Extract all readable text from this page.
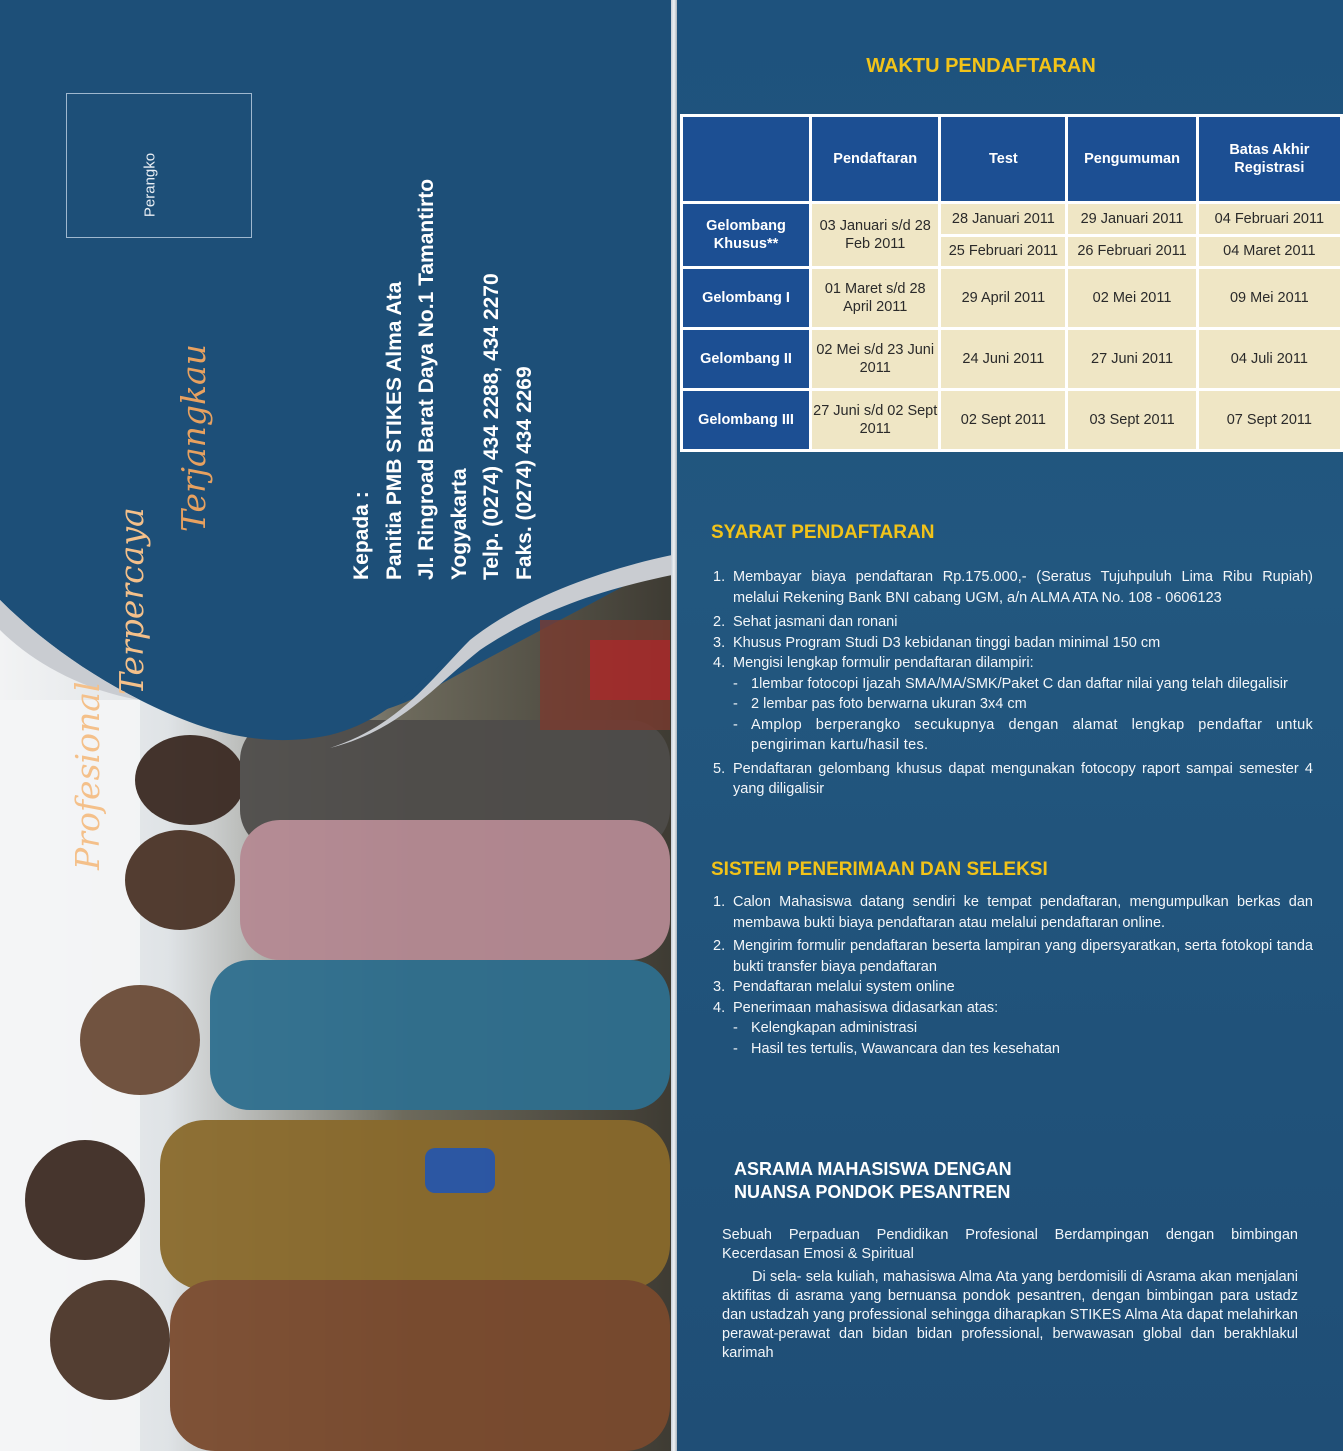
Perangko
Kepada : Panitia PMB STIKES Alma Ata Jl. Ringroad Barat Daya No.1 Tamantirto Yogyakarta Telp. (0274) 434 2288, 434 2270 Faks. (0274) 434 2269
Profesional
Terpercaya
Terjangkau
WAKTU PENDAFTARAN
	Pendaftaran	Test	Pengumuman	Batas Akhir Registrasi
Gelombang Khusus**	03 Januari s/d 28 Feb 2011	28 Januari 2011	29 Januari 2011	04 Februari 2011
		25 Februari 2011	26 Februari 2011	04 Maret 2011
Gelombang I	01 Maret s/d 28 April 2011	29 April 2011	02 Mei 2011	09 Mei 2011
Gelombang II	02 Mei s/d 23 Juni 2011	24 Juni 2011	27 Juni 2011	04 Juli 2011
Gelombang III	27 Juni s/d 02 Sept 2011	02 Sept 2011	03 Sept 2011	07 Sept 2011
SYARAT PENDAFTARAN
1. Membayar biaya pendaftaran Rp.175.000,- (Seratus Tujuhpuluh Lima Ribu Rupiah) melalui Rekening Bank BNI cabang UGM, a/n ALMA ATA No. 108 - 0606123
2. Sehat jasmani dan ronani
3. Khusus Program Studi D3 kebidanan tinggi badan minimal 150 cm
4. Mengisi lengkap formulir pendaftaran dilampiri:
- 1lembar fotocopi Ijazah SMA/MA/SMK/Paket C dan daftar nilai yang telah dilegalisir
- 2 lembar pas foto berwarna ukuran 3x4 cm
- Amplop berperangko secukupnya dengan alamat lengkap pendaftar untuk pengiriman kartu/hasil tes.
5. Pendaftaran gelombang khusus dapat mengunakan fotocopy raport sampai semester 4 yang diligalisir
SISTEM PENERIMAAN DAN SELEKSI
1. Calon Mahasiswa datang sendiri ke tempat pendaftaran, mengumpulkan berkas dan membawa bukti biaya pendaftaran atau melalui pendaftaran online.
2. Mengirim formulir pendaftaran beserta lampiran yang dipersyaratkan, serta fotokopi tanda bukti transfer biaya pendaftaran
3. Pendaftaran melalui system online
4. Penerimaan mahasiswa didasarkan atas:
- Kelengkapan administrasi
- Hasil tes tertulis, Wawancara dan tes kesehatan
ASRAMA MAHASISWA DENGAN
NUANSA PONDOK PESANTREN

Sebuah Perpaduan Pendidikan Profesional Berdampingan dengan bimbingan Kecerdasan Emosi & Spiritual

Di sela- sela kuliah, mahasiswa Alma Ata yang berdomisili di Asrama akan menjalani aktifitas di asrama yang bernuansa pondok pesantren, dengan bimbingan para ustadz dan ustadzah yang professional sehingga diharapkan STIKES Alma Ata dapat melahirkan perawat-perawat dan bidan bidan professional, berwawasan global dan berakhlakul karimah
